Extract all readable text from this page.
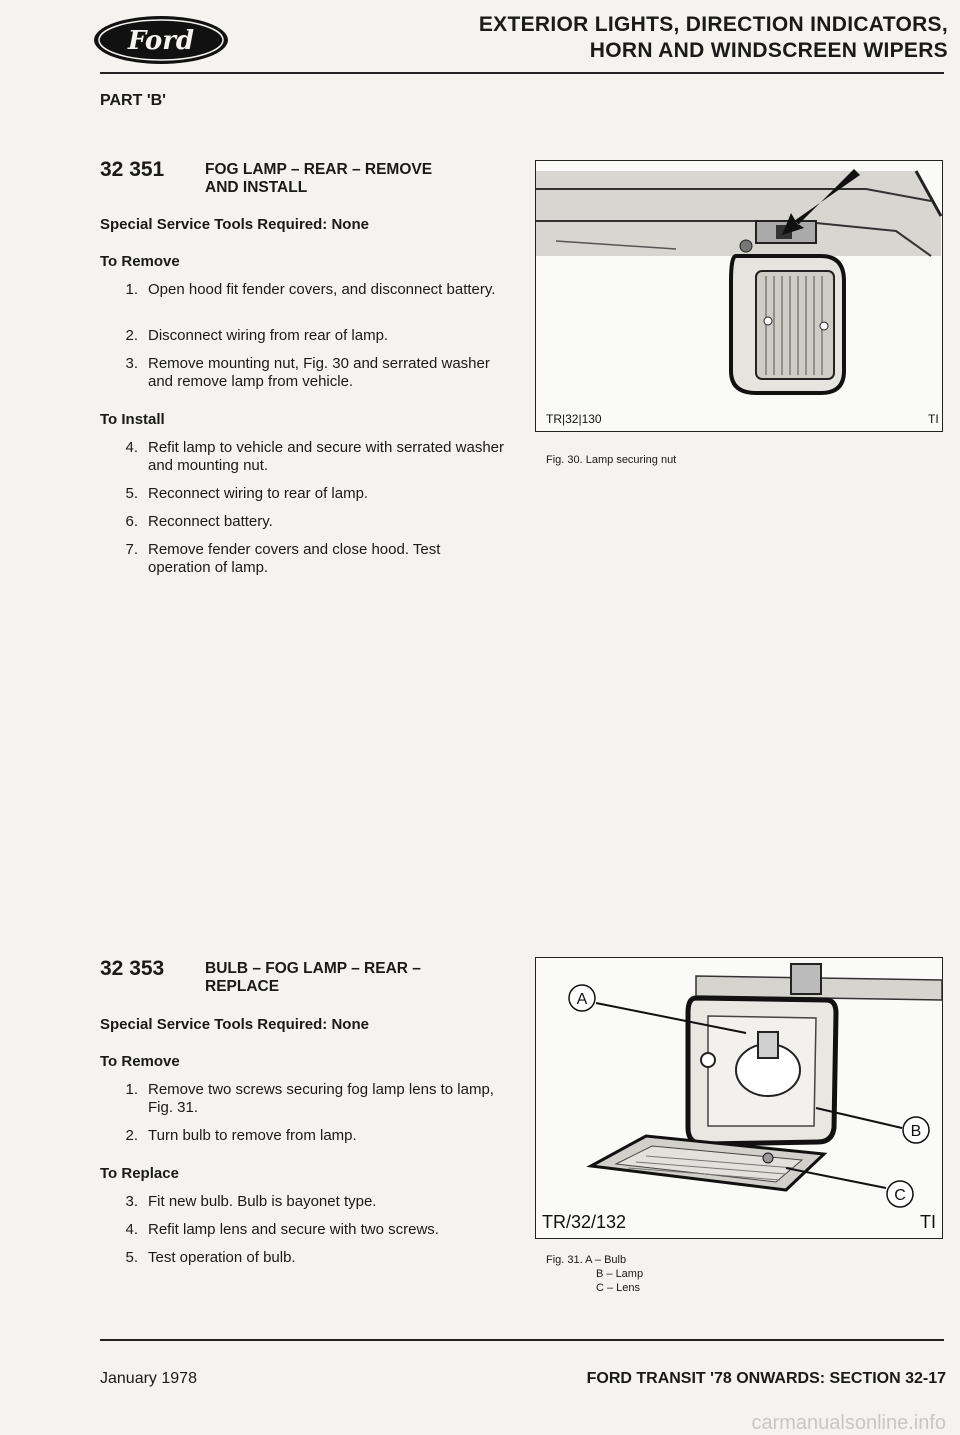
Ford
EXTERIOR LIGHTS, DIRECTION INDICATORS,
HORN AND WINDSCREEN WIPERS
PART 'B'
32 351	FOG LAMP – REAR – REMOVE
AND INSTALL
Special Service Tools Required: None
To Remove
1. Open hood fit fender covers, and disconnect battery.
2. Disconnect wiring from rear of lamp.
3. Remove mounting nut, Fig. 30 and serrated washer and remove lamp from vehicle.
To Install
4. Refit lamp to vehicle and secure with serrated washer and mounting nut.
5. Reconnect wiring to rear of lamp.
6. Reconnect battery.
7. Remove fender covers and close hood. Test operation of lamp.
TR|32|130	TI
Fig. 30. Lamp securing nut
32 353	BULB – FOG LAMP – REAR –
REPLACE
Special Service Tools Required: None
To Remove
1. Remove two screws securing fog lamp lens to lamp, Fig. 31.
2. Turn bulb to remove from lamp.
To Replace
3. Fit new bulb. Bulb is bayonet type.
4. Refit lamp lens and secure with two screws.
5. Test operation of bulb.
A
B
C
TR/32/132	TI
Fig. 31. A – Bulb
B – Lamp
C – Lens
January 1978	FORD TRANSIT '78 ONWARDS: SECTION 32-17
carmanualsonline.info
